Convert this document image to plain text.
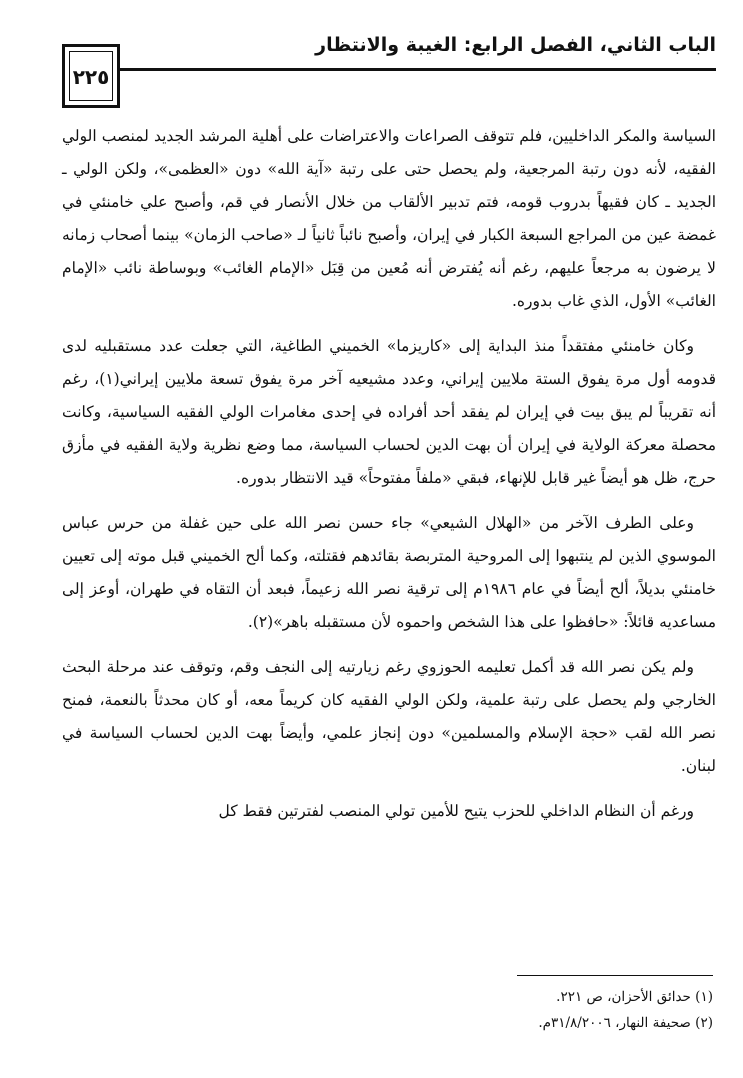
الباب الثاني، الفصل الرابع: الغيبة والانتظار
٢٢٥

السياسة والمكر الداخليين، فلم تتوقف الصراعات والاعتراضات على أهلية المرشد الجديد لمنصب الولي الفقيه، لأنه دون رتبة المرجعية، ولم يحصل حتى على رتبة «آية الله» دون «العظمى»، ولكن الولي ـ الجديد ـ كان فقيهاً بدروب قومه، فتم تدبير الألقاب من خلال الأنصار في قم، وأصبح علي خامنئي في غمضة عين من المراجع السبعة الكبار في إيران، وأصبح نائباً ثانياً لـ «صاحب الزمان» بينما أصحاب زمانه لا يرضون به مرجعاً عليهم، رغم أنه يُفترض أنه مُعين من قِبَل «الإمام الغائب» وبوساطة نائب «الإمام الغائب» الأول، الذي غاب بدوره.

وكان خامنئي مفتقداً منذ البداية إلى «كاريزما» الخميني الطاغية، التي جعلت عدد مستقبليه لدى قدومه أول مرة يفوق الستة ملايين إيراني، وعدد مشيعيه آخر مرة يفوق تسعة ملايين إيراني(١)، رغم أنه تقريباً لم يبق بيت في إيران لم يفقد أحد أفراده في إحدى مغامرات الولي الفقيه السياسية، وكانت محصلة معركة الولاية في إيران أن بهت الدين لحساب السياسة، مما وضع نظرية ولاية الفقيه في مأزق حرج، ظل هو أيضاً غير قابل للإنهاء، فبقي «ملفاً مفتوحاً» قيد الانتظار بدوره.

وعلى الطرف الآخر من «الهلال الشيعي» جاء حسن نصر الله على حين غفلة من حرس عباس الموسوي الذين لم ينتبهوا إلى المروحية المتربصة بقائدهم فقتلته، وكما ألح الخميني قبل موته إلى تعيين خامنئي بديلاً، ألح أيضاً في عام ١٩٨٦م إلى ترقية نصر الله زعيماً، فبعد أن التقاه في طهران، أوعز إلى مساعديه قائلاً: «حافظوا على هذا الشخص واحموه لأن مستقبله باهر»(٢).

ولم يكن نصر الله قد أكمل تعليمه الحوزوي رغم زيارتيه إلى النجف وقم، وتوقف عند مرحلة البحث الخارجي ولم يحصل على رتبة علمية، ولكن الولي الفقيه كان كريماً معه، أو كان محدثاً بالنعمة، فمنح نصر الله لقب «حجة الإسلام والمسلمين» دون إنجاز علمي، وأيضاً بهت الدين لحساب السياسة في لبنان.

ورغم أن النظام الداخلي للحزب يتيح للأمين تولي المنصب لفترتين فقط كل

(١) حدائق الأحزان، ص ٢٢١.

(٢) صحيفة النهار، ٣١/٨/٢٠٠٦م.
